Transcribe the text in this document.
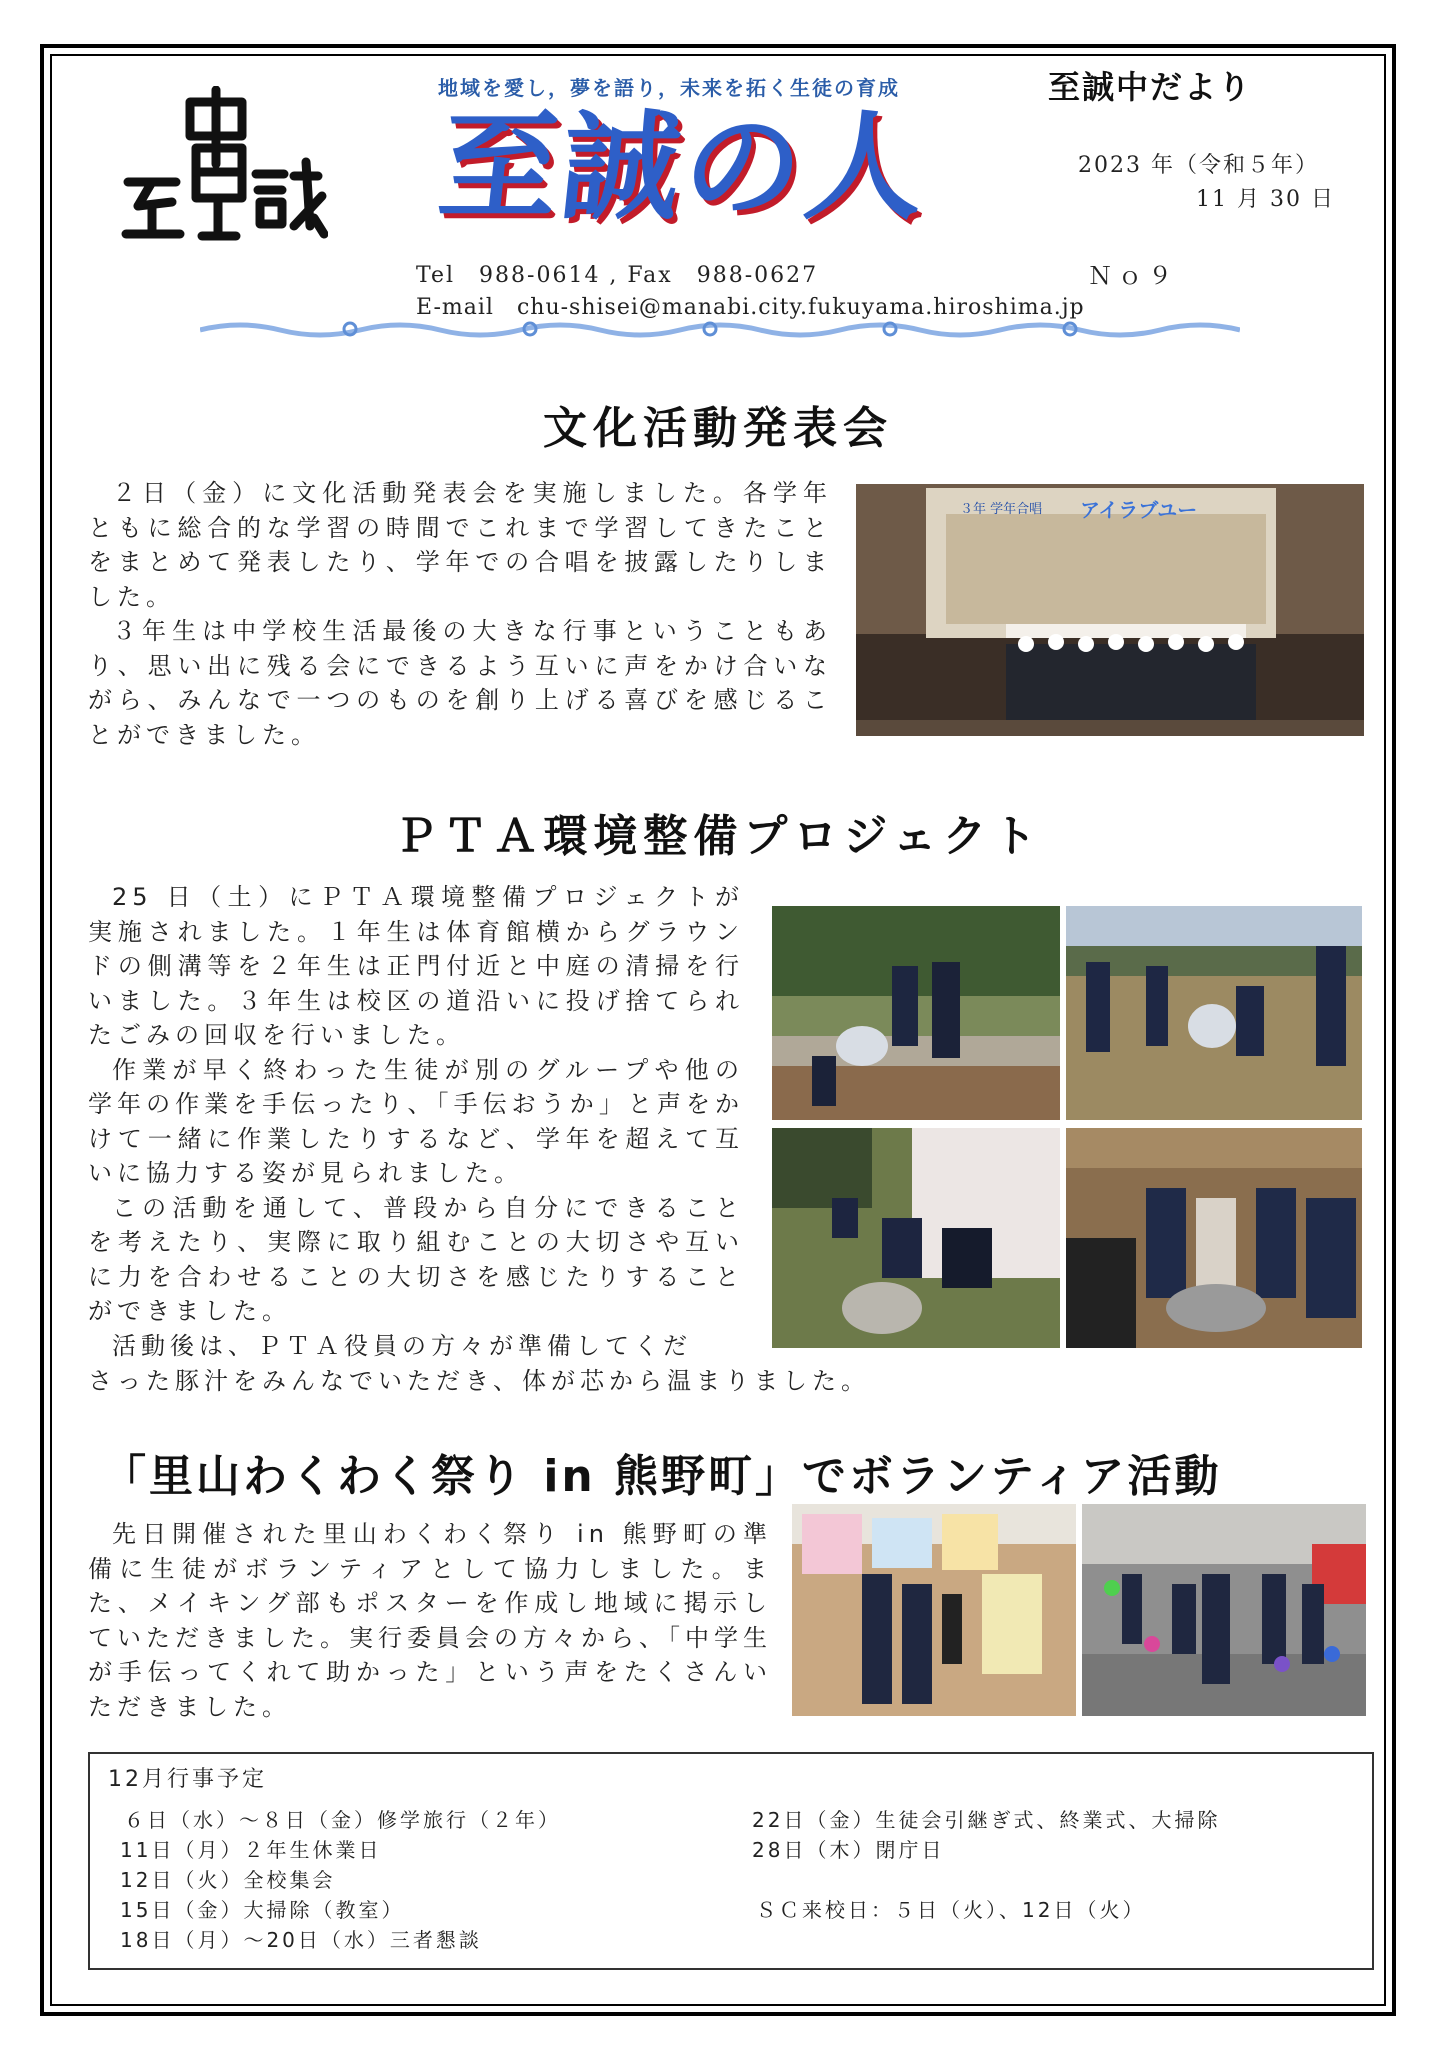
地域を愛し，夢を語り，未来を拓く生徒の育成	至誠中だより
至誠の人	2023 年（令和５年）
11 月 30 日
Tel　988-0614 , Fax　988-0627	Ｎｏ９
E-mail　chu-shisei@manabi.city.fukuyama.hiroshima.jp
文化活動発表会

２日（金）に文化活動発表会を実施しました。各学年ともに総合的な学習の時間でこれまで学習してきたことをまとめて発表したり、学年での合唱を披露したりしました。

３年生は中学校生活最後の大きな行事ということもあり、思い出に残る会にできるよう互いに声をかけ合いながら、みんなで一つのものを創り上げる喜びを感じることができました。

３年 学年合唱 アイラブユー
ＰＴＡ環境整備プロジェクト

25 日（土）にＰＴＡ環境整備プロジェクトが実施されました。１年生は体育館横からグラウンドの側溝等を２年生は正門付近と中庭の清掃を行いました。３年生は校区の道沿いに投げ捨てられたごみの回収を行いました。

作業が早く終わった生徒が別のグループや他の学年の作業を手伝ったり、「手伝おうか」と声をかけて一緒に作業したりするなど、学年を超えて互いに協力する姿が見られました。

この活動を通して、普段から自分にできることを考えたり、実際に取り組むことの大切さや互いに力を合わせることの大切さを感じたりすることができました。

活動後は、ＰＴＡ役員の方々が準備してくだ

さった豚汁をみんなでいただき、体が芯から温まりました。
「里山わくわく祭り in 熊野町」でボランティア活動

先日開催された里山わくわく祭り in 熊野町の準備に生徒がボランティアとして協力しました。また、メイキング部もポスターを作成し地域に掲示していただきました。実行委員会の方々から、「中学生が手伝ってくれて助かった」という声をたくさんいただきました。

12月行事予定
６日（水）～８日（金）修学旅行（２年）
11日（月）２年生休業日
12日（火）全校集会
15日（金）大掃除（教室）
18日（月）～20日（水）三者懇談
22日（金）生徒会引継ぎ式、終業式、大掃除
28日（木）閉庁日
ＳＣ来校日：５日（火）、12日（火）
